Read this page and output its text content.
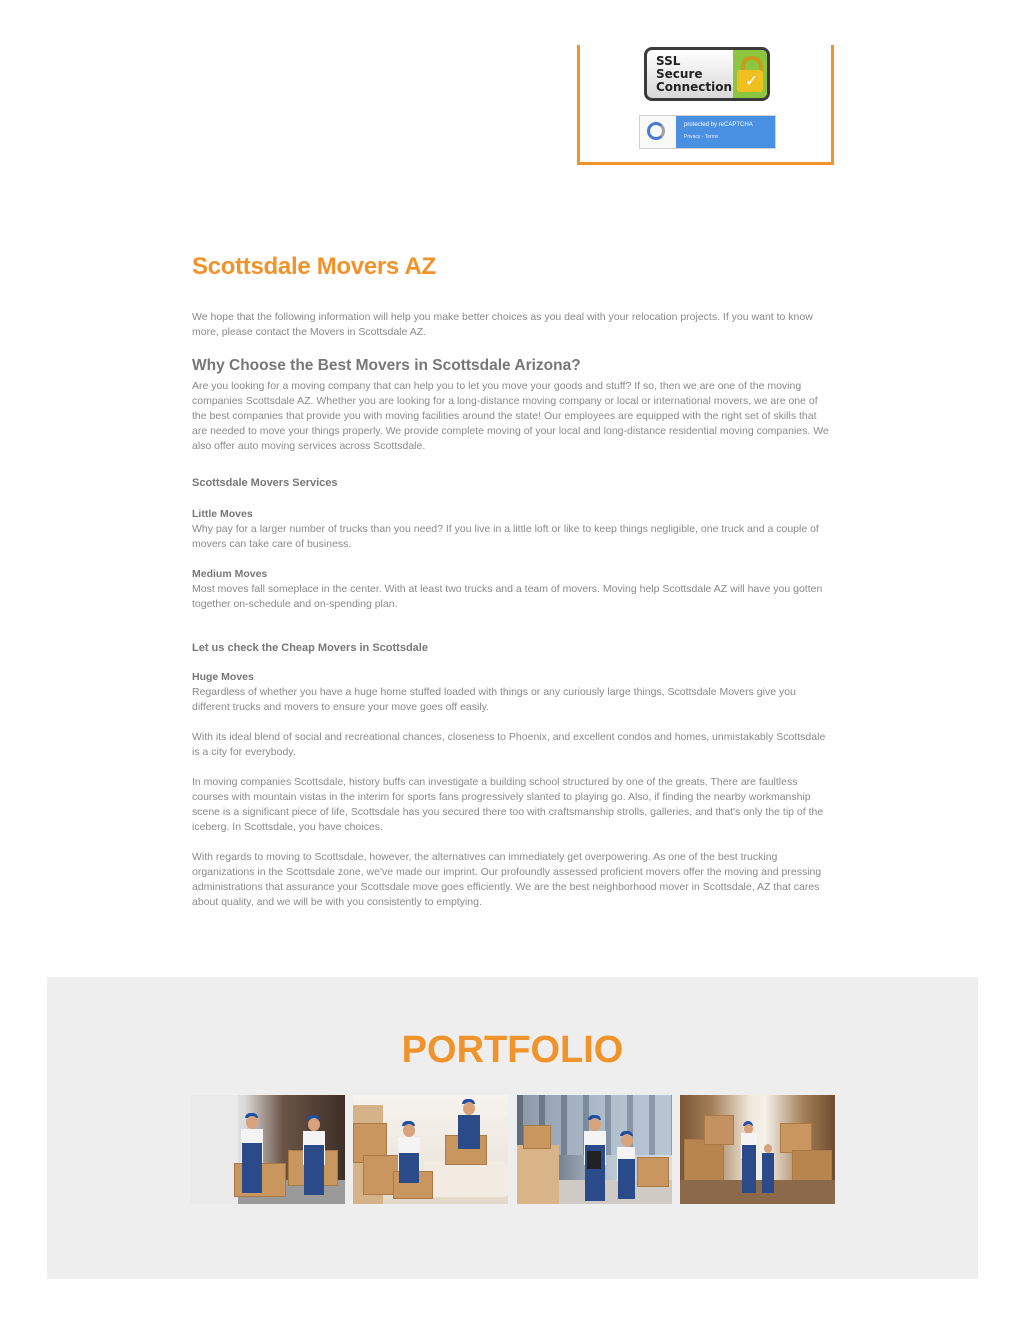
SSL
Secure
Connection ✓
protected by reCAPTCHA
Privacy - Terms
Scottsdale Movers AZ

We hope that the following information will help you make better choices as you deal with your relocation projects. If you want to know more, please contact the Movers in Scottsdale AZ.

Why Choose the Best Movers in Scottsdale Arizona?

Are you looking for a moving company that can help you to let you move your goods and stuff? If so, then we are one of the moving companies Scottsdale AZ. Whether you are looking for a long-distance moving company or local or international movers, we are one of the best companies that provide you with moving facilities around the state! Our employees are equipped with the right set of skills that are needed to move your things properly. We provide complete moving of your local and long-distance residential moving companies. We also offer auto moving services across Scottsdale.

Scottsdale Movers Services
Little Moves

Why pay for a larger number of trucks than you need? If you live in a little loft or like to keep things negligible, one truck and a couple of movers can take care of business.

Medium Moves

Most moves fall someplace in the center. With at least two trucks and a team of movers. Moving help Scottsdale AZ will have you gotten together on-schedule and on-spending plan.

Let us check the Cheap Movers in Scottsdale
Huge Moves

Regardless of whether you have a huge home stuffed loaded with things or any curiously large things, Scottsdale Movers give you different trucks and movers to ensure your move goes off easily.

With its ideal blend of social and recreational chances, closeness to Phoenix, and excellent condos and homes, unmistakably Scottsdale is a city for everybody.

In moving companies Scottsdale, history buffs can investigate a building school structured by one of the greats. There are faultless courses with mountain vistas in the interim for sports fans progressively slanted to playing go. Also, if finding the nearby workmanship scene is a significant piece of life, Scottsdale has you secured there too with craftsmanship strolls, galleries, and that's only the tip of the iceberg. In Scottsdale, you have choices.

With regards to moving to Scottsdale, however, the alternatives can immediately get overpowering. As one of the best trucking organizations in the Scottsdale zone, we've made our imprint. Our profoundly assessed proficient movers offer the moving and pressing administrations that assurance your Scottsdale move goes efficiently. We are the best neighborhood mover in Scottsdale, AZ that cares about quality, and we will be with you consistently to emptying.

PORTFOLIO
